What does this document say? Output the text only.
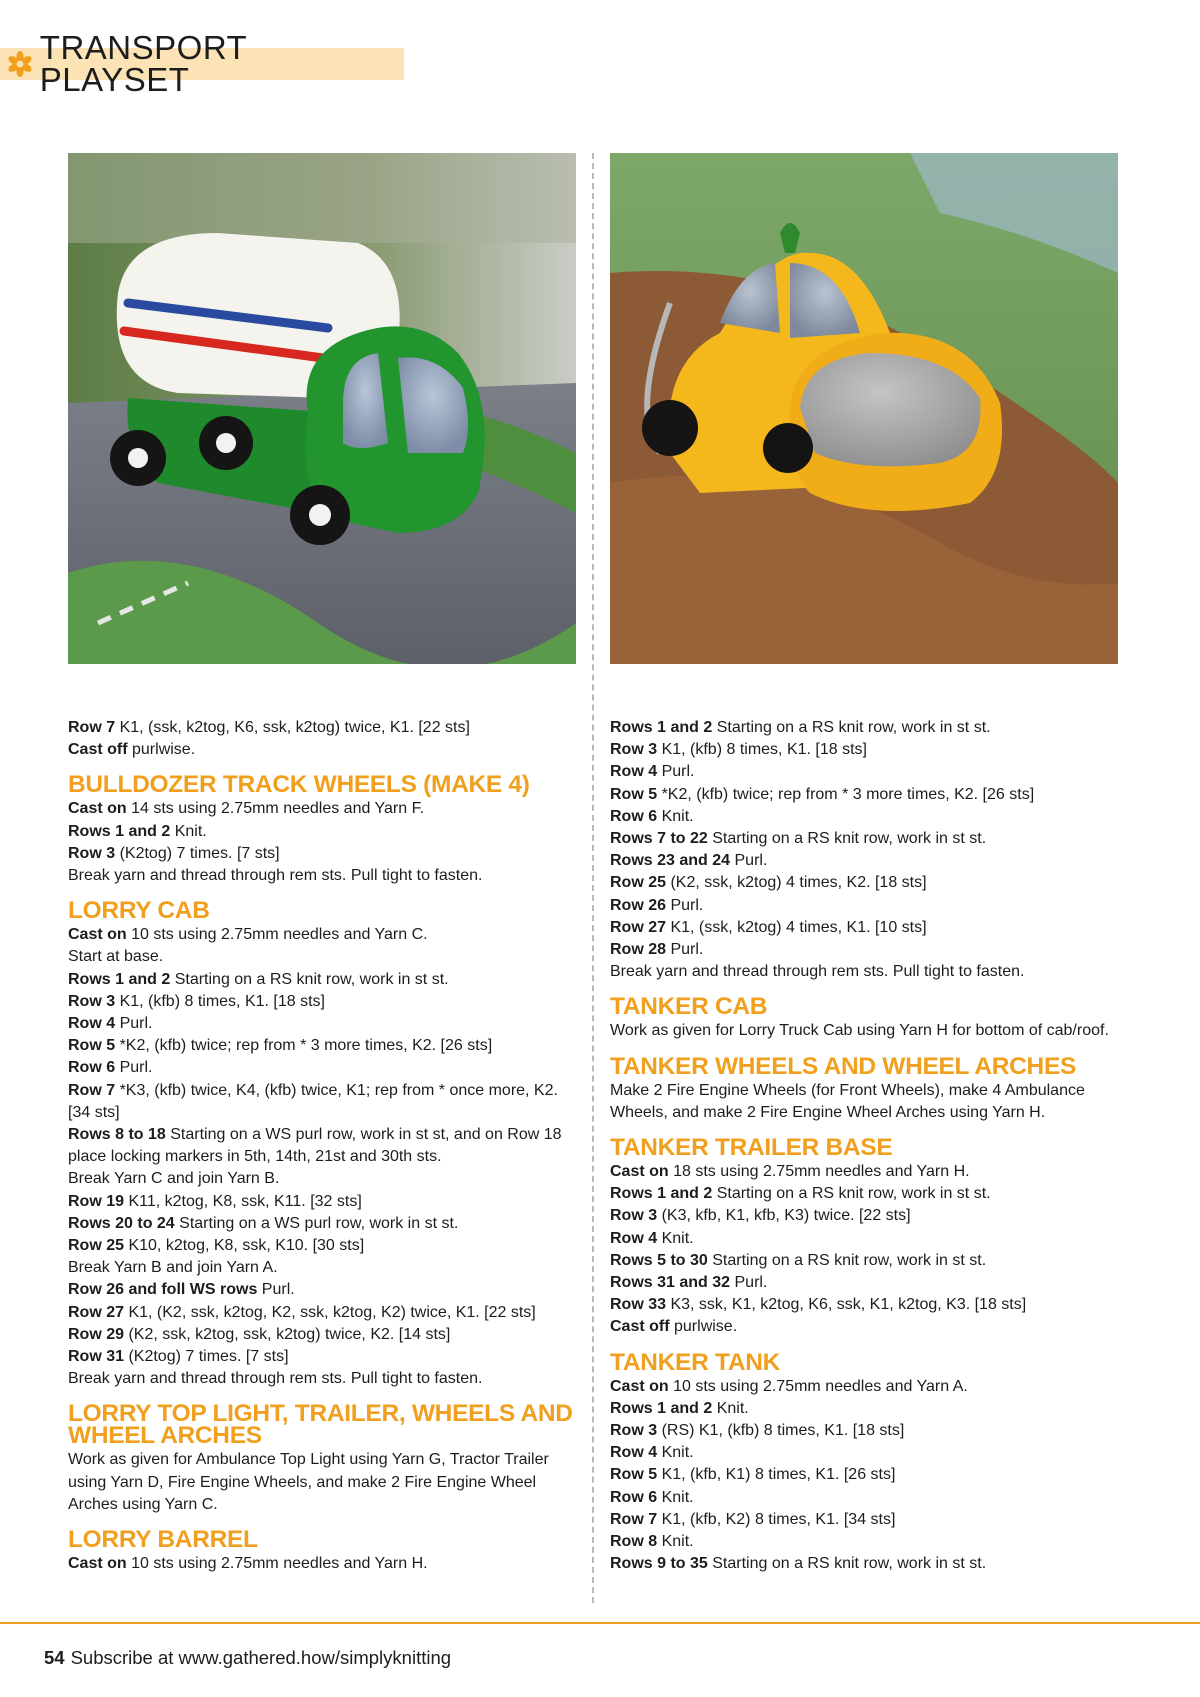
TRANSPORT PLAYSET
Row 7 K1, (ssk, k2tog, K6, ssk, k2tog) twice, K1. [22 sts]
Cast off purlwise.
BULLDOZER TRACK WHEELS (MAKE 4)
Cast on 14 sts using 2.75mm needles and Yarn F.
Rows 1 and 2 Knit.
Row 3 (K2tog) 7 times. [7 sts]
Break yarn and thread through rem sts. Pull tight to fasten.
LORRY CAB
Cast on 10 sts using 2.75mm needles and Yarn C.
Start at base.
Rows 1 and 2 Starting on a RS knit row, work in st st.
Row 3 K1, (kfb) 8 times, K1. [18 sts]
Row 4 Purl.
Row 5 *K2, (kfb) twice; rep from * 3 more times, K2. [26 sts]
Row 6 Purl.
Row 7 *K3, (kfb) twice, K4, (kfb) twice, K1; rep from * once more, K2. [34 sts]
Rows 8 to 18 Starting on a WS purl row, work in st st, and on Row 18 place locking markers in 5th, 14th, 21st and 30th sts.
Break Yarn C and join Yarn B.
Row 19 K11, k2tog, K8, ssk, K11. [32 sts]
Rows 20 to 24 Starting on a WS purl row, work in st st.
Row 25 K10, k2tog, K8, ssk, K10. [30 sts]
Break Yarn B and join Yarn A.
Row 26 and foll WS rows Purl.
Row 27 K1, (K2, ssk, k2tog, K2, ssk, k2tog, K2) twice, K1. [22 sts]
Row 29 (K2, ssk, k2tog, ssk, k2tog) twice, K2. [14 sts]
Row 31 (K2tog) 7 times. [7 sts]
Break yarn and thread through rem sts. Pull tight to fasten.
LORRY TOP LIGHT, TRAILER, WHEELS AND WHEEL ARCHES
Work as given for Ambulance Top Light using Yarn G, Tractor Trailer using Yarn D, Fire Engine Wheels, and make 2 Fire Engine Wheel Arches using Yarn C.
LORRY BARREL
Cast on 10 sts using 2.75mm needles and Yarn H.
Rows 1 and 2 Starting on a RS knit row, work in st st.
Row 3 K1, (kfb) 8 times, K1. [18 sts]
Row 4 Purl.
Row 5 *K2, (kfb) twice; rep from * 3 more times, K2. [26 sts]
Row 6 Knit.
Rows 7 to 22 Starting on a RS knit row, work in st st.
Rows 23 and 24 Purl.
Row 25 (K2, ssk, k2tog) 4 times, K2. [18 sts]
Row 26 Purl.
Row 27 K1, (ssk, k2tog) 4 times, K1. [10 sts]
Row 28 Purl.
Break yarn and thread through rem sts. Pull tight to fasten.
TANKER CAB
Work as given for Lorry Truck Cab using Yarn H for bottom of cab/roof.
TANKER WHEELS AND WHEEL ARCHES
Make 2 Fire Engine Wheels (for Front Wheels), make 4 Ambulance Wheels, and make 2 Fire Engine Wheel Arches using Yarn H.
TANKER TRAILER BASE
Cast on 18 sts using 2.75mm needles and Yarn H.
Rows 1 and 2 Starting on a RS knit row, work in st st.
Row 3 (K3, kfb, K1, kfb, K3) twice. [22 sts]
Row 4 Knit.
Rows 5 to 30 Starting on a RS knit row, work in st st.
Rows 31 and 32 Purl.
Row 33 K3, ssk, K1, k2tog, K6, ssk, K1, k2tog, K3. [18 sts]
Cast off purlwise.
TANKER TANK
Cast on 10 sts using 2.75mm needles and Yarn A.
Rows 1 and 2 Knit.
Row 3 (RS) K1, (kfb) 8 times, K1. [18 sts]
Row 4 Knit.
Row 5 K1, (kfb, K1) 8 times, K1. [26 sts]
Row 6 Knit.
Row 7 K1, (kfb, K2) 8 times, K1. [34 sts]
Row 8 Knit.
Rows 9 to 35 Starting on a RS knit row, work in st st.
54 Subscribe at www.gathered.how/simplyknitting
